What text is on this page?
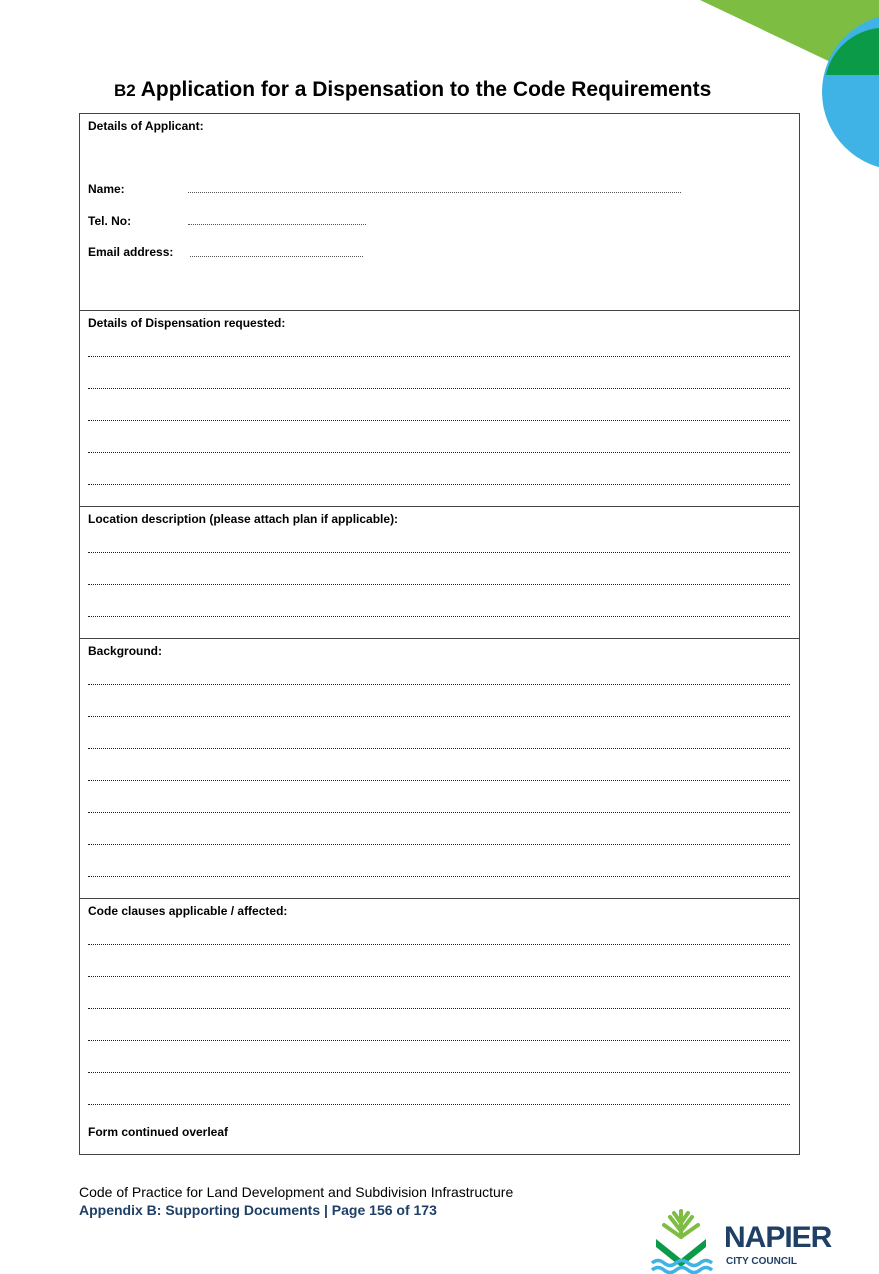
B2 Application for a Dispensation to the Code Requirements
Details of Applicant:
Name:
Tel. No:
Email address:
Details of Dispensation requested:
Location description (please attach plan if applicable):
Background:
Code clauses applicable / affected:
Form continued overleaf
Code of Practice for Land Development and Subdivision Infrastructure
Appendix B: Supporting Documents | Page 156 of 173
NAPIER
CITY COUNCIL
